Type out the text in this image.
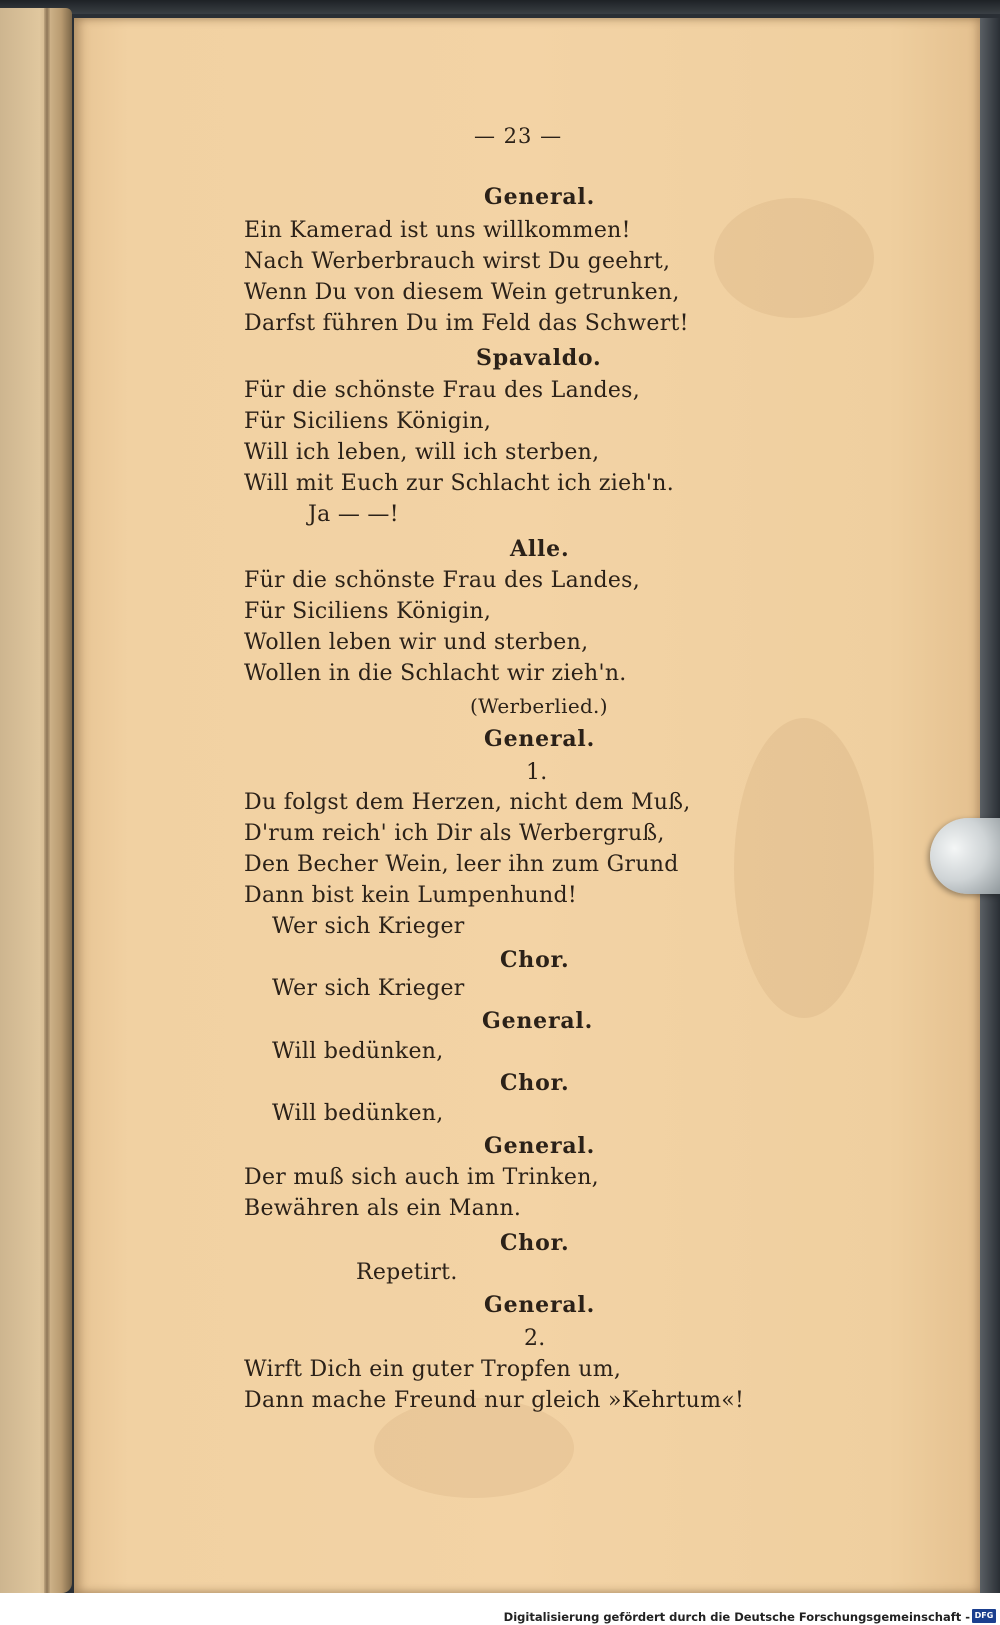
— 23 —
General.
Ein Kamerad ist uns willkommen!
Nach Werberbrauch wirst Du geehrt,
Wenn Du von diesem Wein getrunken,
Darfst führen Du im Feld das Schwert!
Spavaldo.
Für die schönste Frau des Landes,
Für Siciliens Königin,
Will ich leben, will ich sterben,
Will mit Euch zur Schlacht ich zieh'n.
Ja — —!
Alle.
Für die schönste Frau des Landes,
Für Siciliens Königin,
Wollen leben wir und sterben,
Wollen in die Schlacht wir zieh'n.
(Werberlied.)
General.
1.
Du folgst dem Herzen, nicht dem Muß,
D'rum reich' ich Dir als Werbergruß,
Den Becher Wein, leer ihn zum Grund
Dann bist kein Lumpenhund!
Wer sich Krieger
Chor.
Wer sich Krieger
General.
Will bedünken,
Chor.
Will bedünken,
General.
Der muß sich auch im Trinken,
Bewähren als ein Mann.
Chor.
Repetirt.
General.
2.
Wirft Dich ein guter Tropfen um,
Dann mache Freund nur gleich »Kehrtum«!
Digitalisierung gefördert durch die Deutsche Forschungsgemeinschaft - DFG
